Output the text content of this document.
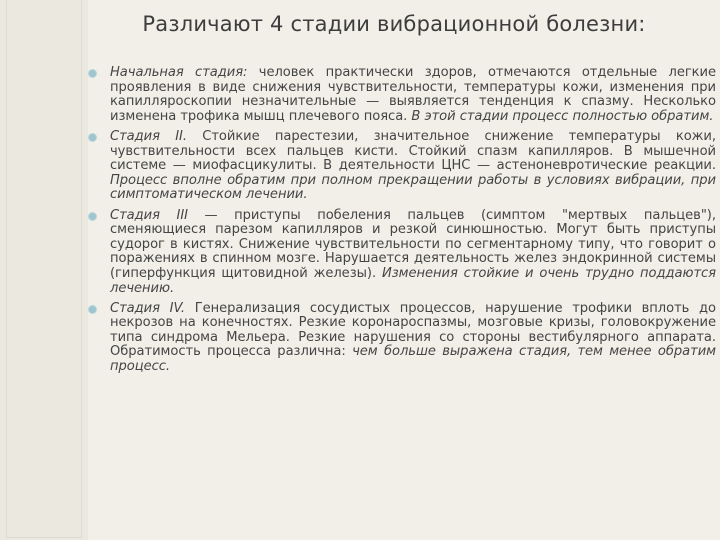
Различают 4 стадии вибрационной болезни:
Начальная стадия: человек практически здоров, отмечаются отдельные легкие проявления в виде снижения чувствительности, температуры кожи, изменения при капилляроскопии незначительные — выявляется тенденция к спазму. Несколько изменена трофика мышц плечевого пояса. В этой стадии процесс полностью обратим.
Стадия II. Стойкие парестезии, значительное снижение температуры кожи, чувствительности всех пальцев кисти. Стойкий спазм капилляров. В мышечной системе — миофасцикулиты. В деятельности ЦНС — астеноневротические реакции. Процесс вполне обратим при полном прекращении работы в условиях вибрации, при симптоматическом лечении.
Стадия III — приступы побеления пальцев (симптом "мертвых пальцев"), сменяющиеся парезом капилляров и резкой синюшностью. Могут быть приступы судорог в кистях. Снижение чувствительности по сегментарному типу, что говорит о поражениях в спинном мозге. Нарушается деятельность желез эндокринной системы (гиперфункция щитовидной железы). Изменения стойкие и очень трудно поддаются лечению.
Стадия IV. Генерализация сосудистых процессов, нарушение трофики вплоть до некрозов на конечностях. Резкие коронароспазмы, мозговые кризы, головокружение типа синдрома Мельера. Резкие нарушения со стороны вестибулярного аппарата. Обратимость процесса различна: чем больше выражена стадия, тем менее обратим процесс.
